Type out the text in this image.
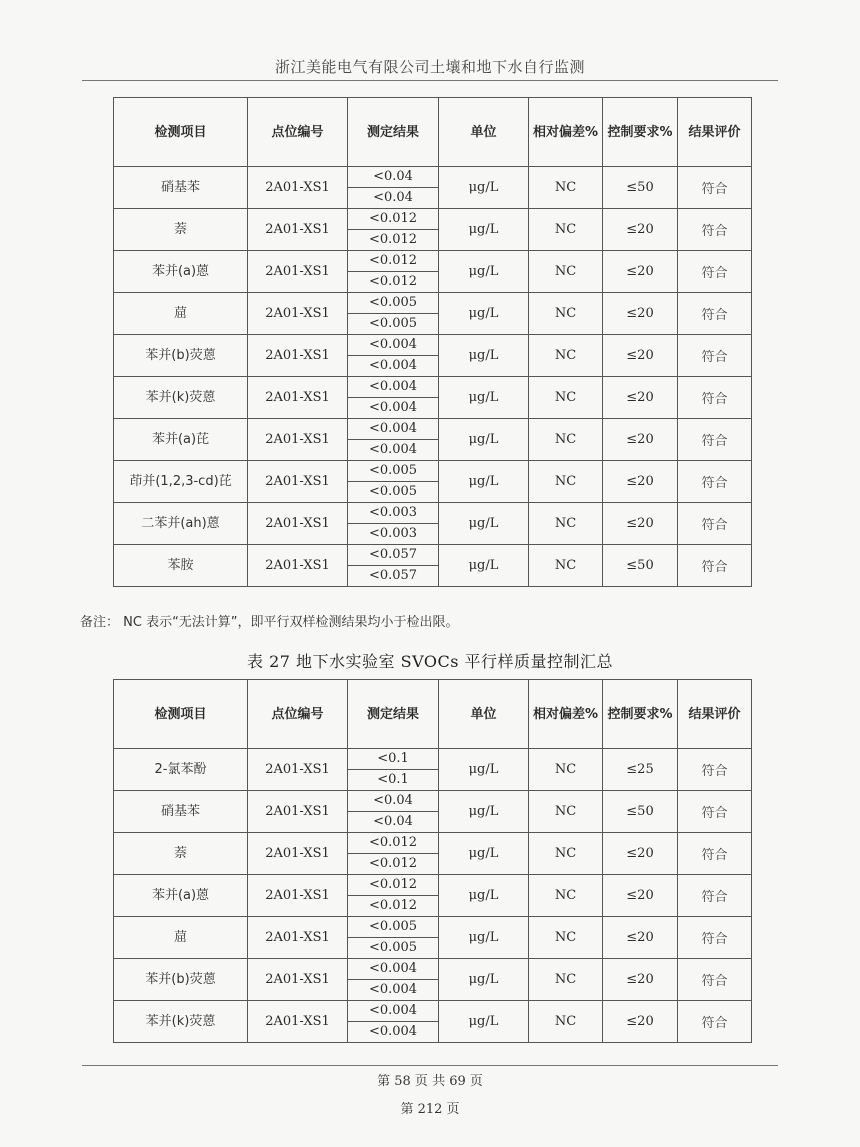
浙江美能电气有限公司土壤和地下水自行监测
检测项目	点位编号	测定结果	单位	相对偏差%	控制要求%	结果评价
硝基苯	2A01-XS1	<0.04	μg/L	NC	≤50	符合
		<0.04				
萘	2A01-XS1	<0.012	μg/L	NC	≤20	符合
		<0.012				
苯并(a)蒽	2A01-XS1	<0.012	μg/L	NC	≤20	符合
		<0.012				
䓛	2A01-XS1	<0.005	μg/L	NC	≤20	符合
		<0.005				
苯并(b)荧蒽	2A01-XS1	<0.004	μg/L	NC	≤20	符合
		<0.004				
苯并(k)荧蒽	2A01-XS1	<0.004	μg/L	NC	≤20	符合
		<0.004				
苯并(a)芘	2A01-XS1	<0.004	μg/L	NC	≤20	符合
		<0.004				
茚并(1,2,3-cd)芘	2A01-XS1	<0.005	μg/L	NC	≤20	符合
		<0.005				
二苯并(ah)蒽	2A01-XS1	<0.003	μg/L	NC	≤20	符合
		<0.003				
苯胺	2A01-XS1	<0.057	μg/L	NC	≤50	符合
		<0.057				
备注： NC 表示“无法计算”，即平行双样检测结果均小于检出限。
表 27 地下水实验室 SVOCs 平行样质量控制汇总
检测项目	点位编号	测定结果	单位	相对偏差%	控制要求%	结果评价
2-氯苯酚	2A01-XS1	<0.1	μg/L	NC	≤25	符合
		<0.1				
硝基苯	2A01-XS1	<0.04	μg/L	NC	≤50	符合
		<0.04				
萘	2A01-XS1	<0.012	μg/L	NC	≤20	符合
		<0.012				
苯并(a)蒽	2A01-XS1	<0.012	μg/L	NC	≤20	符合
		<0.012				
䓛	2A01-XS1	<0.005	μg/L	NC	≤20	符合
		<0.005				
苯并(b)荧蒽	2A01-XS1	<0.004	μg/L	NC	≤20	符合
		<0.004				
苯并(k)荧蒽	2A01-XS1	<0.004	μg/L	NC	≤20	符合
		<0.004				
第 58 页 共 69 页
第 212 页
